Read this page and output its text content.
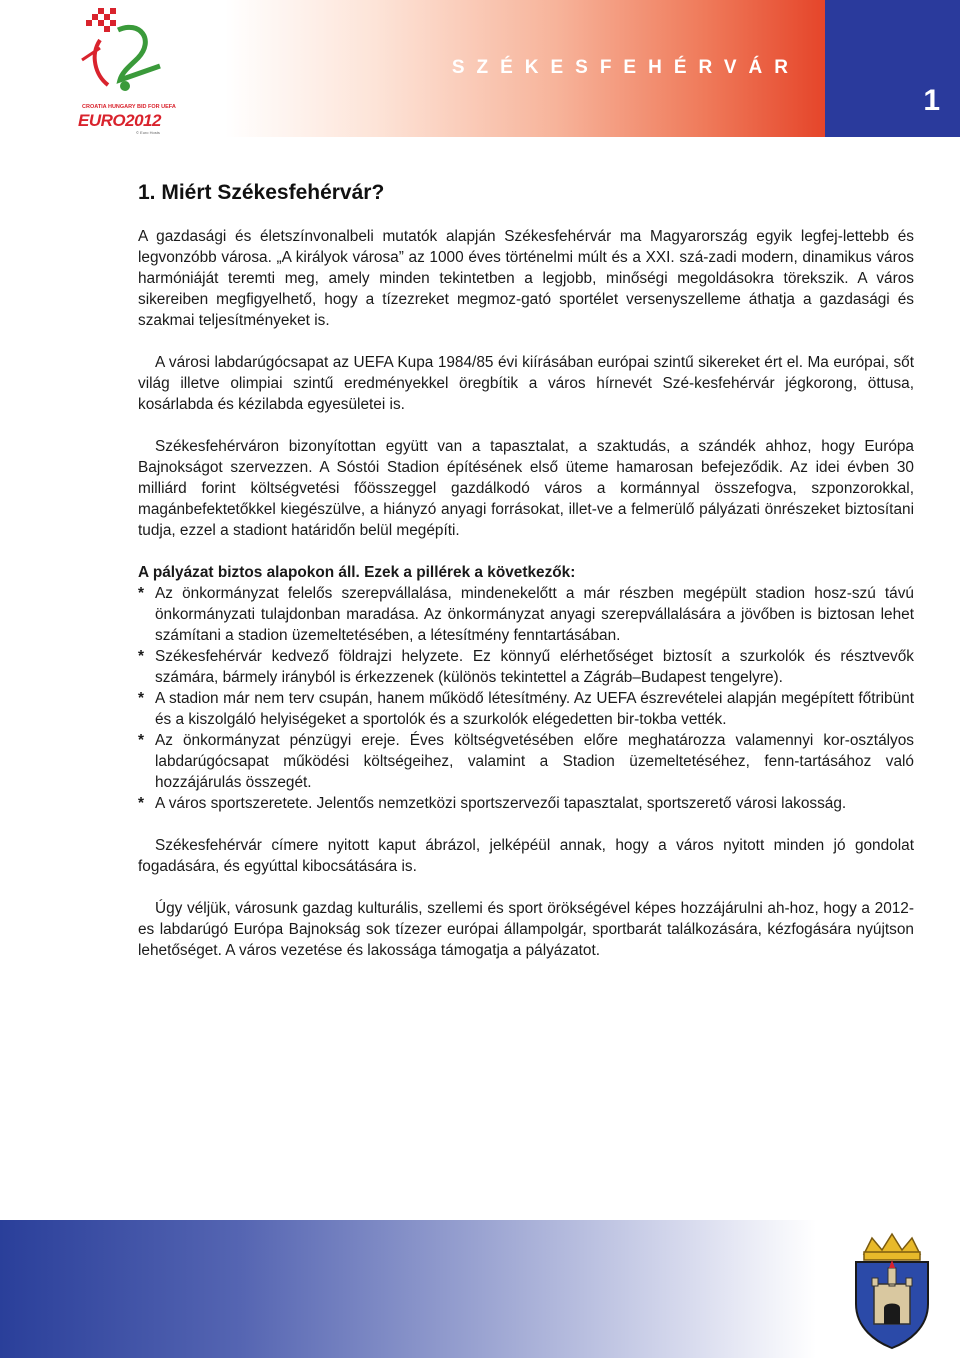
CROATIA HUNGARY BID FOR UEFA
EURO2012
© Euro Hosts
SZÉKESFEHÉRVÁR
1
1. Miért Székesfehérvár?

A gazdasági és életszínvonalbeli mutatók alapján Székesfehérvár ma Magyarország egyik legfej-lettebb és legvonzóbb városa. „A királyok városa” az 1000 éves történelmi múlt és a XXI. szá-zadi modern, dinamikus város harmóniáját teremti meg, amely minden tekintetben a legjobb, minőségi megoldásokra törekszik. A város sikereiben megfigyelhető, hogy a tízezreket megmoz-gató sportélet versenyszelleme áthatja a gazdasági és szakmai teljesítményeket is.

A városi labdarúgócsapat az UEFA Kupa 1984/85 évi kiírásában európai szintű sikereket ért el. Ma európai, sőt világ illetve olimpiai szintű eredményekkel öregbítik a város hírnevét Szé-kesfehérvár jégkorong, öttusa, kosárlabda és kézilabda egyesületei is.

Székesfehérváron bizonyítottan együtt van a tapasztalat, a szaktudás, a szándék ahhoz, hogy Európa Bajnokságot szervezzen. A Sóstói Stadion építésének első üteme hamarosan befejeződik. Az idei évben 30 milliárd forint költségvetési főösszeggel gazdálkodó város a kormánnyal összefogva, szponzorokkal, magánbefektetőkkel kiegészülve, a hiányzó anyagi forrásokat, illet-ve a felmerülő pályázati önrészeket biztosítani tudja, ezzel a stadiont határidőn belül megépíti.

A pályázat biztos alapokon áll. Ezek a pillérek a következők:

* Az önkormányzat felelős szerepvállalása, mindenekelőtt a már részben megépült stadion hosz-szú távú önkormányzati tulajdonban maradása. Az önkormányzat anyagi szerepvállalására a jövőben is biztosan lehet számítani a stadion üzemeltetésében, a létesítmény fenntartásában.
* Székesfehérvár kedvező földrajzi helyzete. Ez könnyű elérhetőséget biztosít a szurkolók és résztvevők számára, bármely irányból is érkezzenek (különös tekintettel a Zágráb–Budapest tengelyre).
* A stadion már nem terv csupán, hanem működő létesítmény. Az UEFA észrevételei alapján megépített főtribünt és a kiszolgáló helyiségeket a sportolók és a szurkolók elégedetten bir-tokba vették.
* Az önkormányzat pénzügyi ereje. Éves költségvetésében előre meghatározza valamennyi kor-osztályos labdarúgócsapat működési költségeihez, valamint a Stadion üzemeltetéséhez, fenn-tartásához való hozzájárulás összegét.
* A város sportszeretete. Jelentős nemzetközi sportszervezői tapasztalat, sportszerető városi lakosság.

Székesfehérvár címere nyitott kaput ábrázol, jelképéül annak, hogy a város nyitott minden jó gondolat fogadására, és egyúttal kibocsátására is.

Úgy véljük, városunk gazdag kulturális, szellemi és sport örökségével képes hozzájárulni ah-hoz, hogy a 2012-es labdarúgó Európa Bajnokság sok tízezer európai állampolgár, sportbarát találkozására, kézfogására nyújtson lehetőséget. A város vezetése és lakossága támogatja a pályázatot.
